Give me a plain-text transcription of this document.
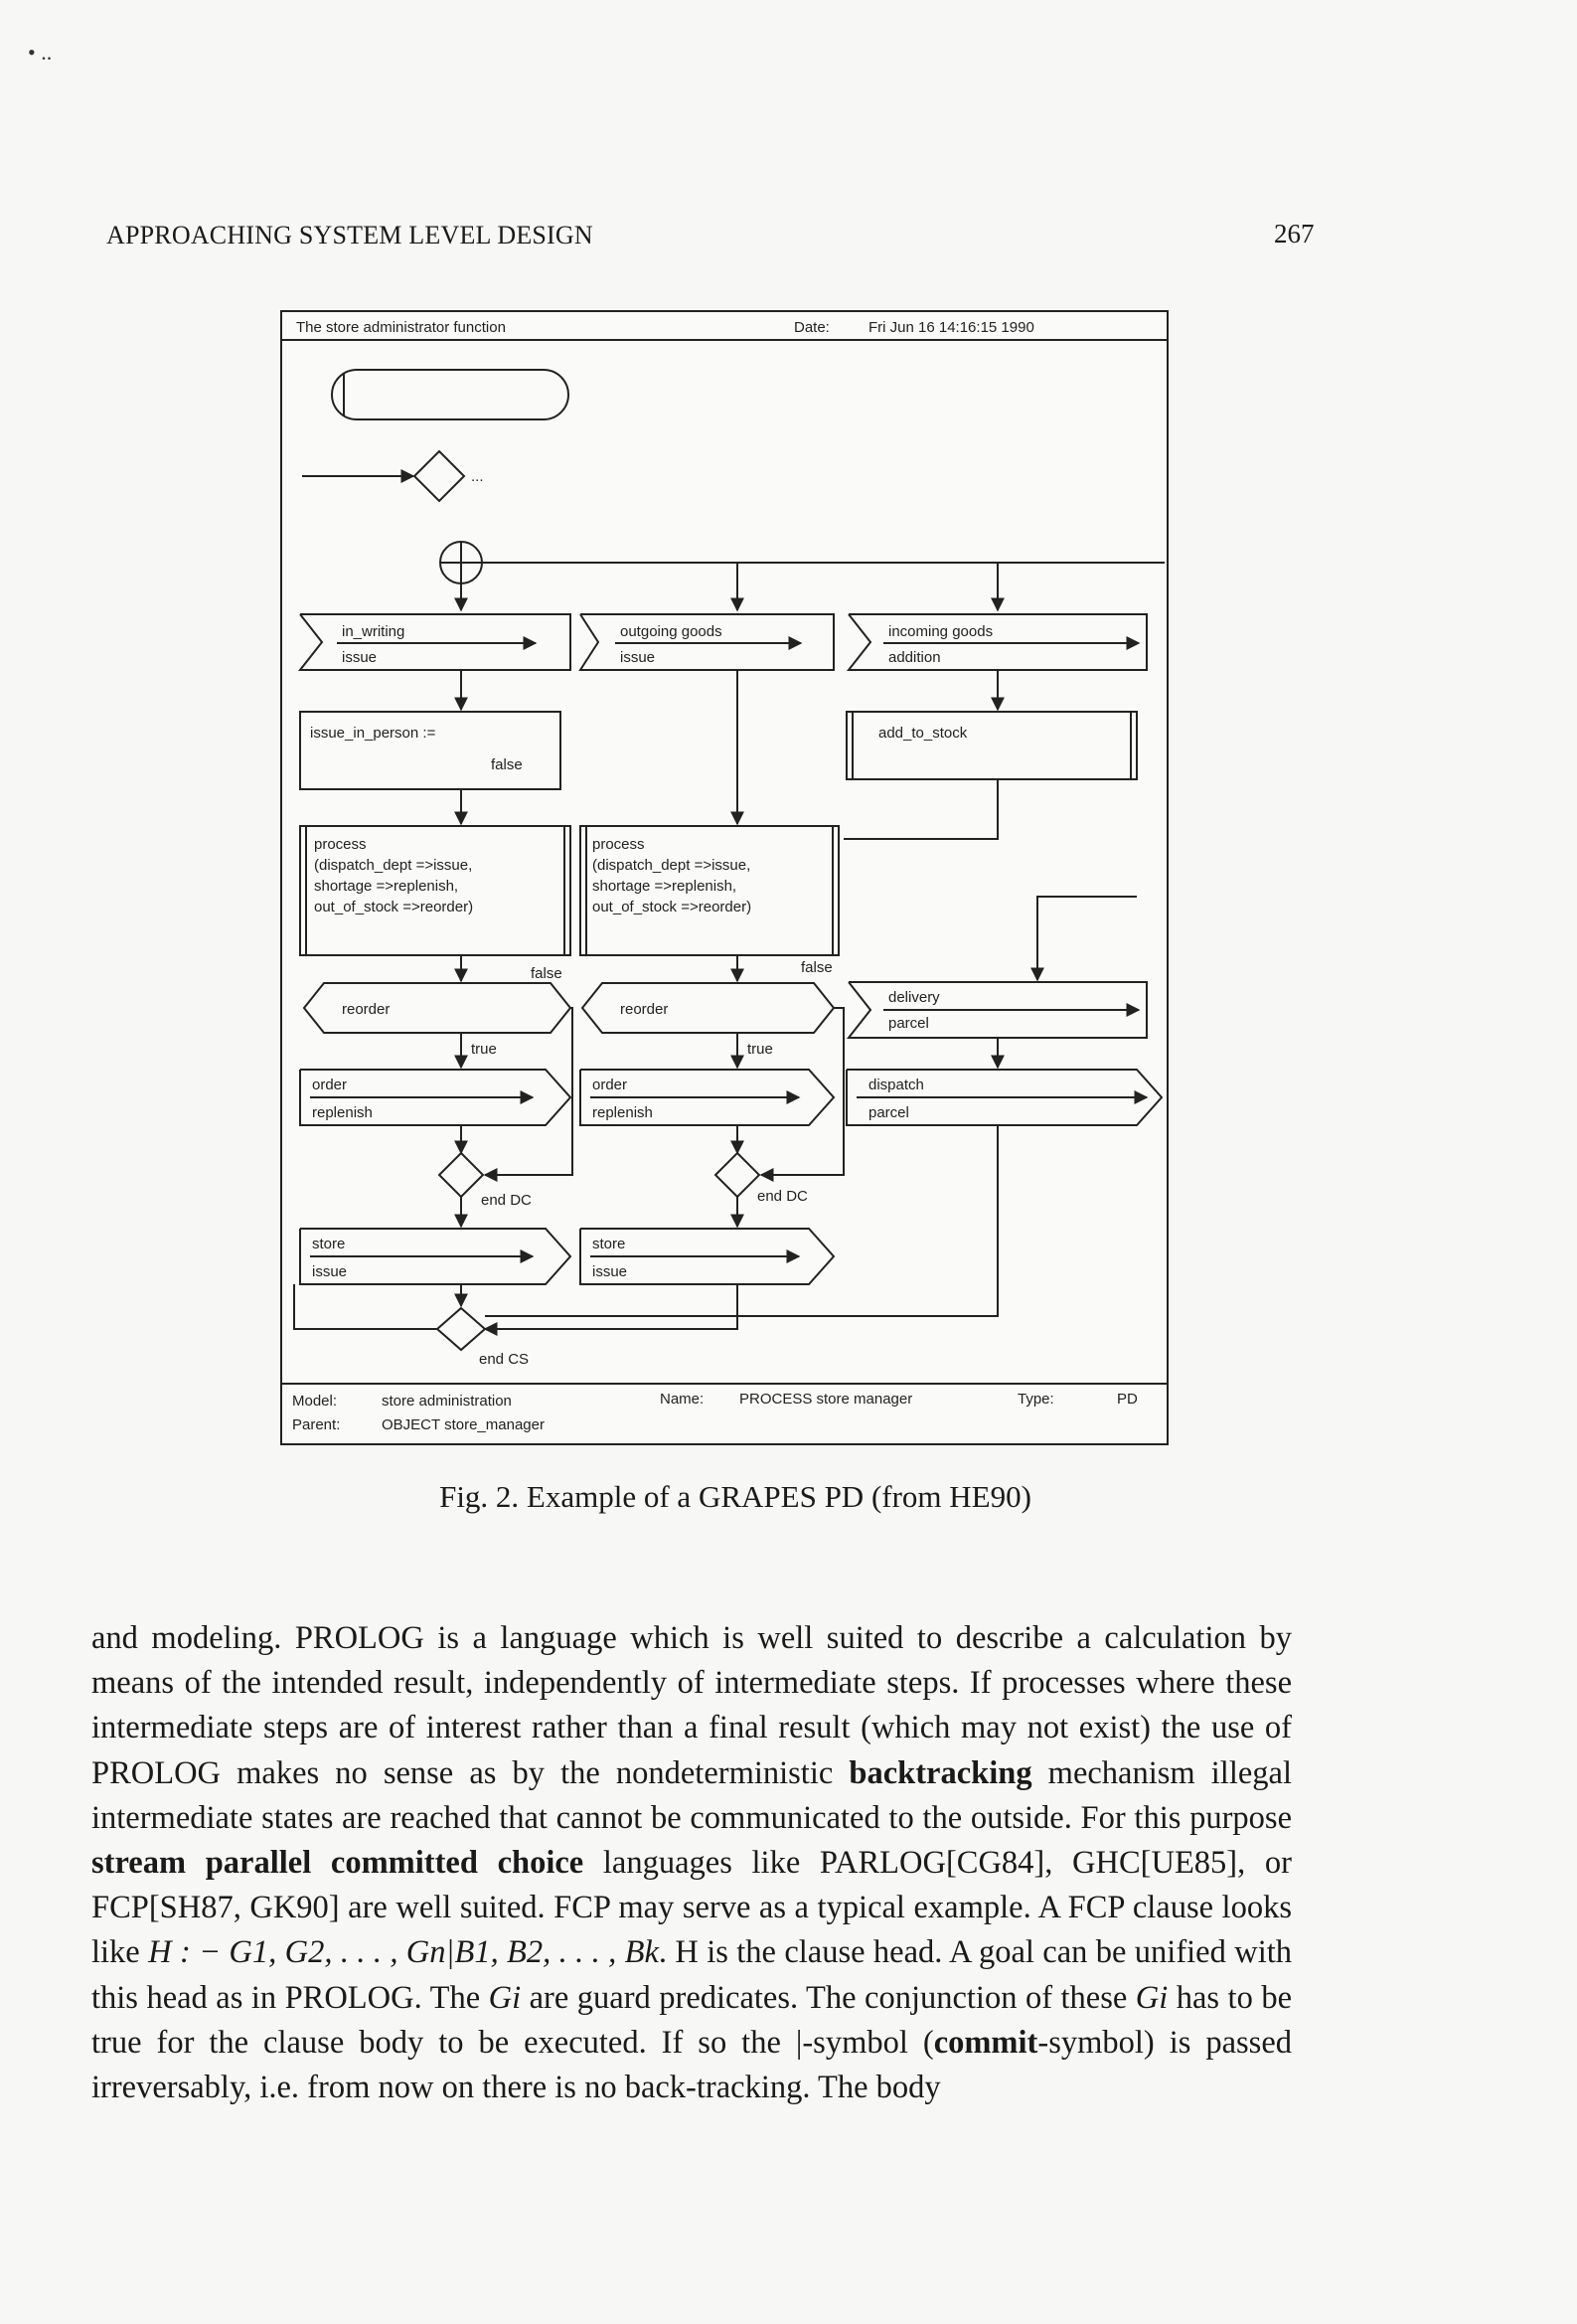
• ..
APPROACHING SYSTEM LEVEL DESIGN	267
The store administrator function	Date:	Fri Jun 16 14:16:15 1990
...
in_writing
issue
issue_in_person :=
false
process
(dispatch_dept =>issue,
shortage =>replenish,
out_of_stock =>reorder)
reorder
false
true
order
replenish
end DC
store
issue
outgoing goods
issue
process
(dispatch_dept =>issue,
shortage =>replenish,
out_of_stock =>reorder)
reorder
false
true
order
replenish
end DC
store
issue
incoming goods
addition
add_to_stock
delivery
parcel
dispatch
parcel
end CS
Model:	store administration
Parent:	OBJECT store_manager
Name: PROCESS store manager	Type:	PD
Fig. 2. Example of a GRAPES PD (from HE90)

and modeling. PROLOG is a language which is well suited to describe a calculation by means of the intended result, independently of intermediate steps. If processes where these intermediate steps are of interest rather than a final result (which may not exist) the use of PROLOG makes no sense as by the nondeterministic backtracking mechanism illegal intermediate states are reached that cannot be communicated to the outside. For this purpose stream parallel committed choice languages like PARLOG[CG84], GHC[UE85], or FCP[SH87, GK90] are well suited. FCP may serve as a typical example. A FCP clause looks like H : − G1, G2, . . . , Gn|B1, B2, . . . , Bk. H is the clause head. A goal can be unified with this head as in PROLOG. The Gi are guard predicates. The conjunction of these Gi has to be true for the clause body to be executed. If so the |-symbol (commit-symbol) is passed irreversably, i.e. from now on there is no back-tracking. The body
